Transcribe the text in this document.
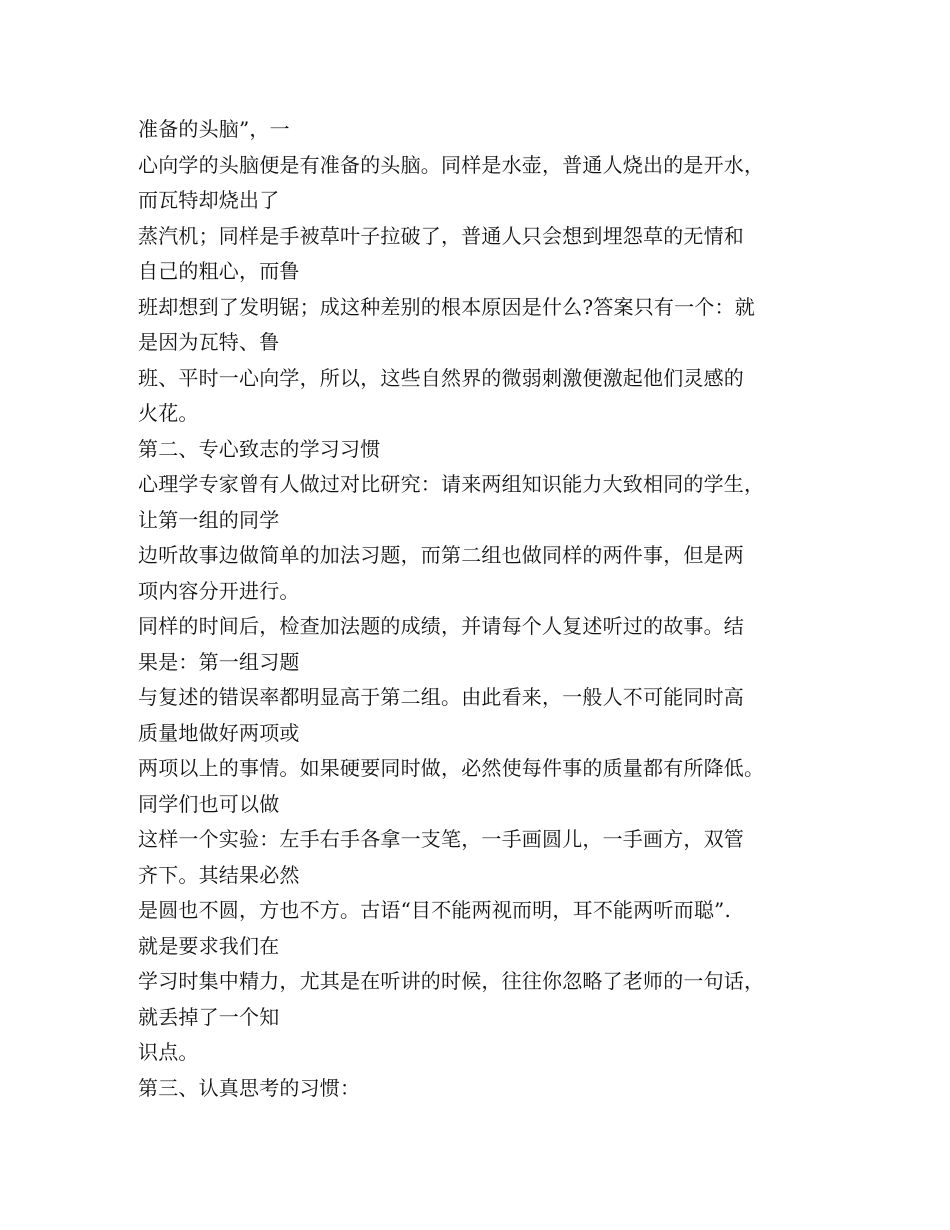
准备的头脑”，一
心向学的头脑便是有准备的头脑。同样是水壶，普通人烧出的是开水，
而瓦特却烧出了
蒸汽机；同样是手被草叶子拉破了，普通人只会想到埋怨草的无情和
自己的粗心，而鲁
班却想到了发明锯；成这种差别的根本原因是什么?答案只有一个：就
是因为瓦特、鲁
班、平时一心向学，所以，这些自然界的微弱刺激便激起他们灵感的
火花。
第二、专心致志的学习习惯
心理学专家曾有人做过对比研究：请来两组知识能力大致相同的学生，
让第一组的同学
边听故事边做简单的加法习题，而第二组也做同样的两件事，但是两
项内容分开进行。
同样的时间后，检查加法题的成绩，并请每个人复述听过的故事。结
果是：第一组习题
与复述的错误率都明显高于第二组。由此看来，一般人不可能同时高
质量地做好两项或
两项以上的事情。如果硬要同时做，必然使每件事的质量都有所降低。
同学们也可以做
这样一个实验：左手右手各拿一支笔，一手画圆儿，一手画方，双管
齐下。其结果必然
是圆也不圆，方也不方。古语“目不能两视而明，耳不能两听而聪”.
就是要求我们在
学习时集中精力，尤其是在听讲的时候，往往你忽略了老师的一句话，
就丢掉了一个知
识点。
第三、认真思考的习惯：
